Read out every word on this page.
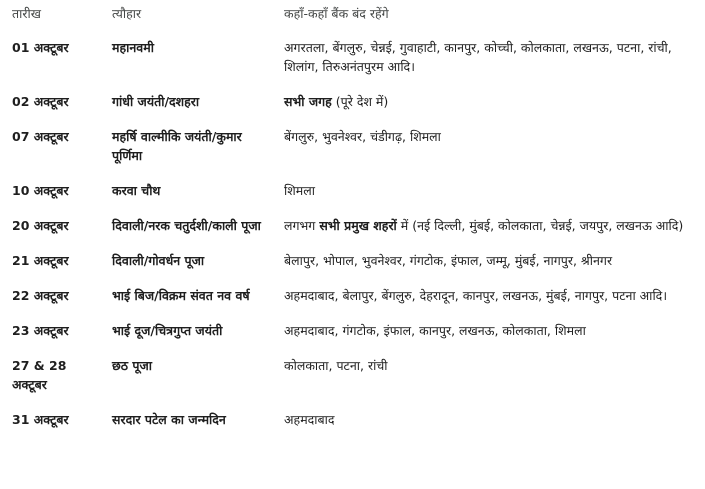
तारीख	त्यौहार	कहाँ-कहाँ बैंक बंद रहेंगे
01 अक्टूबर	महानवमी	अगरतला, बेंगलुरु, चेन्नई, गुवाहाटी, कानपुर, कोच्ची, कोलकाता, लखनऊ, पटना, रांची, शिलांग, तिरुअनंतपुरम आदि।
02 अक्टूबर	गांधी जयंती/दशहरा	सभी जगह (पूरे देश में)
07 अक्टूबर	महर्षि वाल्मीकि जयंती/कुमार पूर्णिमा	बेंगलुरु, भुवनेश्वर, चंडीगढ़, शिमला
10 अक्टूबर	करवा चौथ	शिमला
20 अक्टूबर	दिवाली/नरक चतुर्दशी/काली पूजा	लगभग सभी प्रमुख शहरों में (नई दिल्ली, मुंबई, कोलकाता, चेन्नई, जयपुर, लखनऊ आदि)
21 अक्टूबर	दिवाली/गोवर्धन पूजा	बेलापुर, भोपाल, भुवनेश्वर, गंगटोक, इंफाल, जम्मू, मुंबई, नागपुर, श्रीनगर
22 अक्टूबर	भाई बिज/विक्रम संवत नव वर्ष	अहमदाबाद, बेलापुर, बेंगलुरु, देहरादून, कानपुर, लखनऊ, मुंबई, नागपुर, पटना आदि।
23 अक्टूबर	भाई दूज/चित्रगुप्त जयंती	अहमदाबाद, गंगटोक, इंफाल, कानपुर, लखनऊ, कोलकाता, शिमला
27 & 28 अक्टूबर	छठ पूजा	कोलकाता, पटना, रांची
31 अक्टूबर	सरदार पटेल का जन्मदिन	अहमदाबाद
